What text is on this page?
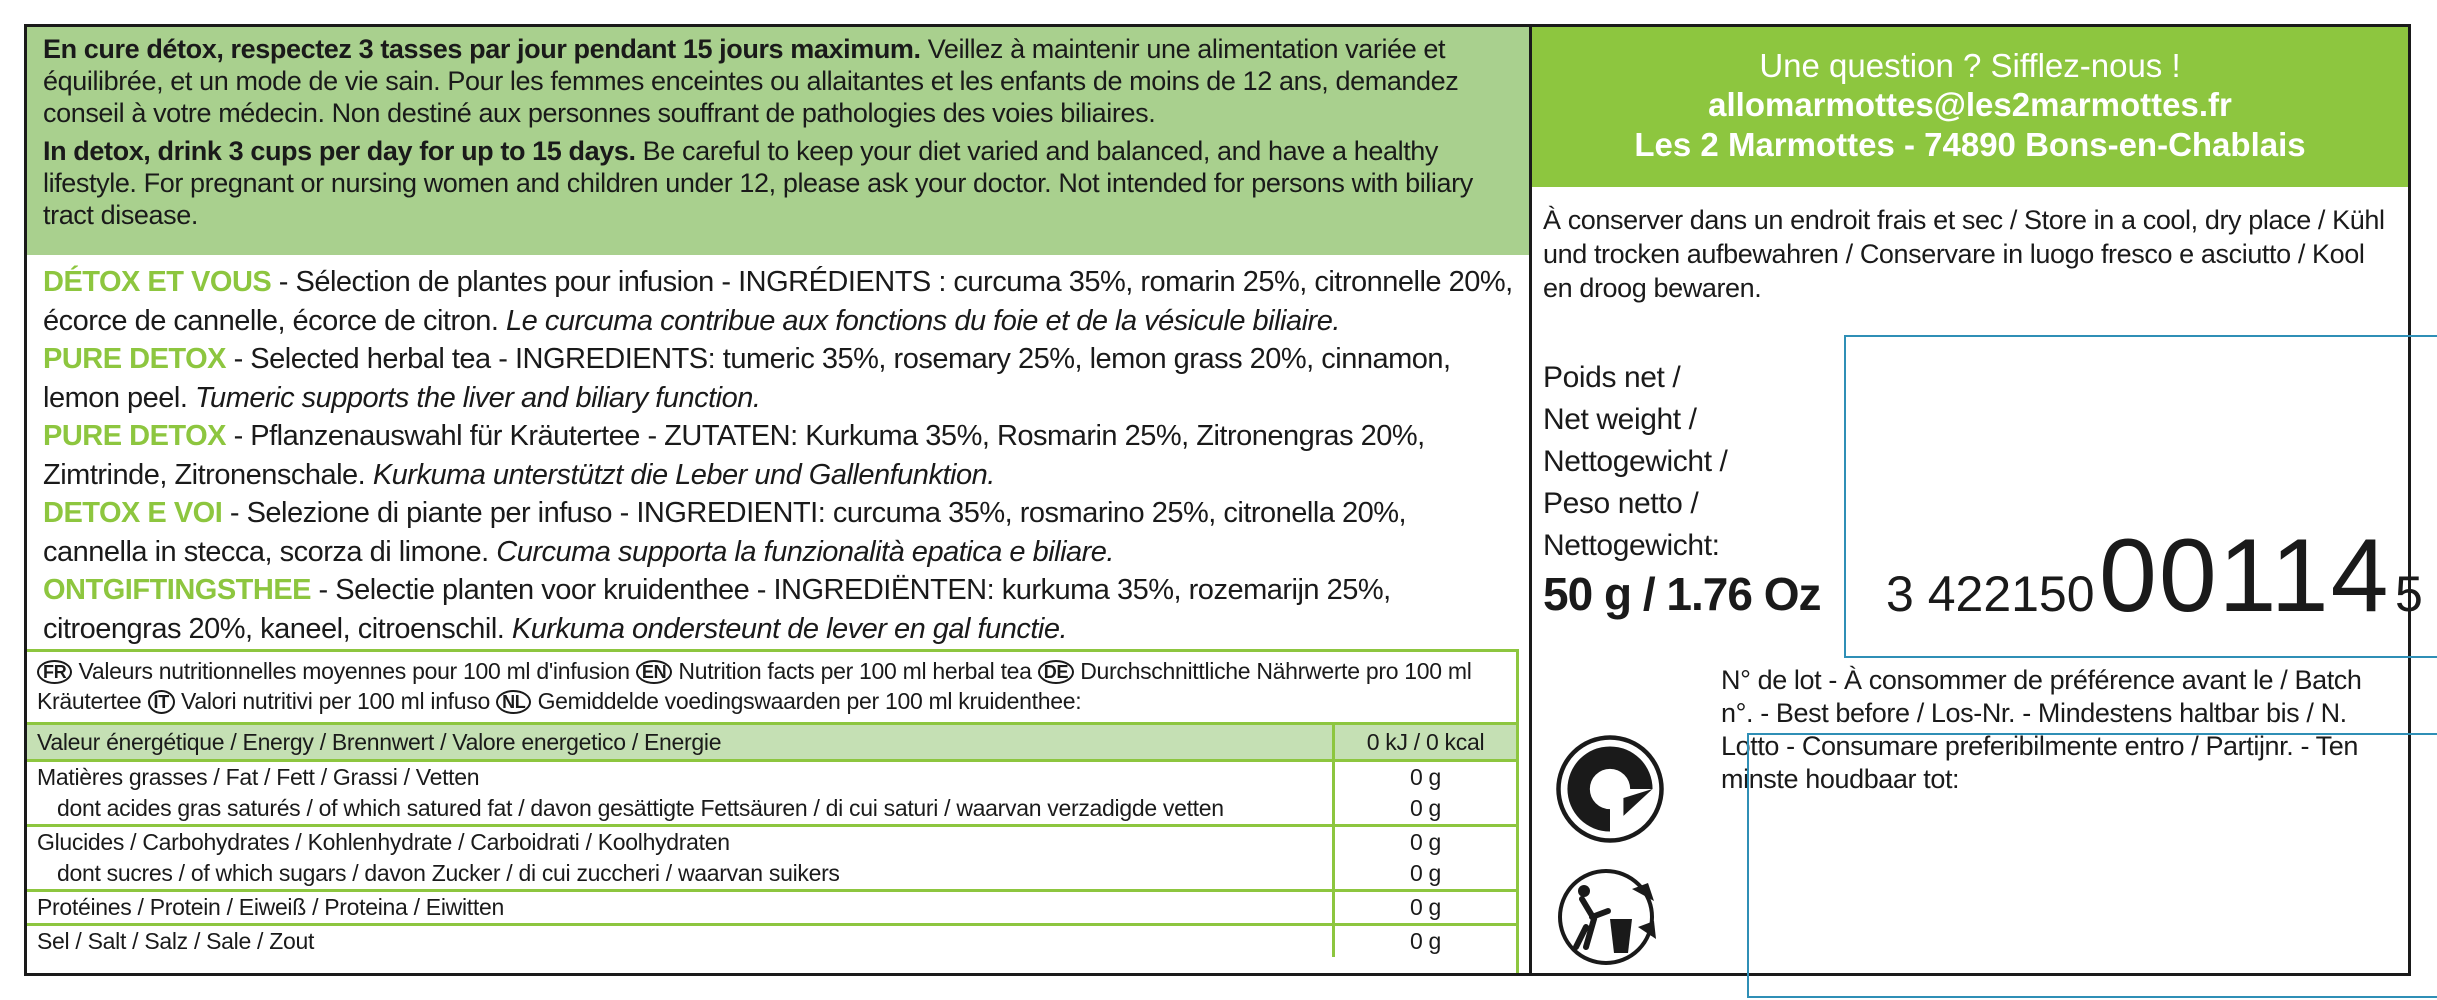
En cure détox, respectez 3 tasses par jour pendant 15 jours maximum. Veillez à maintenir une alimentation variée et équilibrée, et un mode de vie sain. Pour les femmes enceintes ou allaitantes et les enfants de moins de 12 ans, demandez conseil à votre médecin. Non destiné aux personnes souffrant de pathologies des voies biliaires.

In detox, drink 3 cups per day for up to 15 days. Be careful to keep your diet varied and balanced, and have a healthy lifestyle. For pregnant or nursing women and children under 12, please ask your doctor. Not intended for persons with biliary tract disease.

DÉTOX ET VOUS - Sélection de plantes pour infusion - INGRÉDIENTS : curcuma 35%, romarin 25%, citronnelle 20%, écorce de cannelle, écorce de citron. Le curcuma contribue aux fonctions du foie et de la vésicule biliaire.

PURE DETOX - Selected herbal tea - INGREDIENTS: tumeric 35%, rosemary 25%, lemon grass 20%, cinnamon, lemon peel. Tumeric supports the liver and biliary function.

PURE DETOX - Pflanzenauswahl für Kräutertee - ZUTATEN: Kurkuma 35%, Rosmarin 25%, Zitronengras 20%, Zimtrinde, Zitronenschale. Kurkuma unterstützt die Leber und Gallenfunktion.

DETOX E VOI - Selezione di piante per infuso - INGREDIENTI: curcuma 35%, rosmarino 25%, citronella 20%, cannella in stecca, scorza di limone. Curcuma supporta la funzionalità epatica e biliare.

ONTGIFTINGSTHEE - Selectie planten voor kruidenthee - INGREDIËNTEN: kurkuma 35%, rozemarijn 25%, citroengras 20%, kaneel, citroenschil. Kurkuma ondersteunt de lever en gal functie.

FR Valeurs nutritionnelles moyennes pour 100 ml d'infusion EN Nutrition facts per 100 ml herbal tea DE Durchschnittliche Nährwerte pro 100 ml Kräutertee IT Valori nutritivi per 100 ml infuso NL Gemiddelde voedingswaarden per 100 ml kruidenthee:
Valeur énergétique / Energy / Brennwert / Valore energetico / Energie	0 kJ / 0 kcal
Matières grasses / Fat / Fett / Grassi / Vetten	0 g
dont acides gras saturés / of which satured fat / davon gesättigte Fettsäuren / di cui saturi / waarvan verzadigde vetten	0 g
Glucides / Carbohydrates / Kohlenhydrate / Carboidrati / Koolhydraten	0 g
dont sucres / of which sugars / davon Zucker / di cui zuccheri / waarvan suikers	0 g
Protéines / Protein / Eiweiß / Proteina / Eiwitten	0 g
Sel / Salt / Salz / Sale / Zout	0 g
Une question ? Sifflez-nous !
allomarmottes@les2marmottes.fr
Les 2 Marmottes - 74890 Bons-en-Chablais
À conserver dans un endroit frais et sec / Store in a cool, dry place / Kühl und trocken aufbewahren / Conservare in luogo fresco e asciutto / Kool en droog bewaren.
Poids net /
Net weight /
Nettogewicht /
Peso netto /
Nettogewicht:
50 g / 1.76 Oz 3 422150 00114 5
N° de lot - À consommer de préférence avant le / Batch n°. - Best before / Los-Nr. - Mindestens haltbar bis / N. Lotto - Consumare preferibilmente entro / Partijnr. - Ten minste houdbaar tot:
